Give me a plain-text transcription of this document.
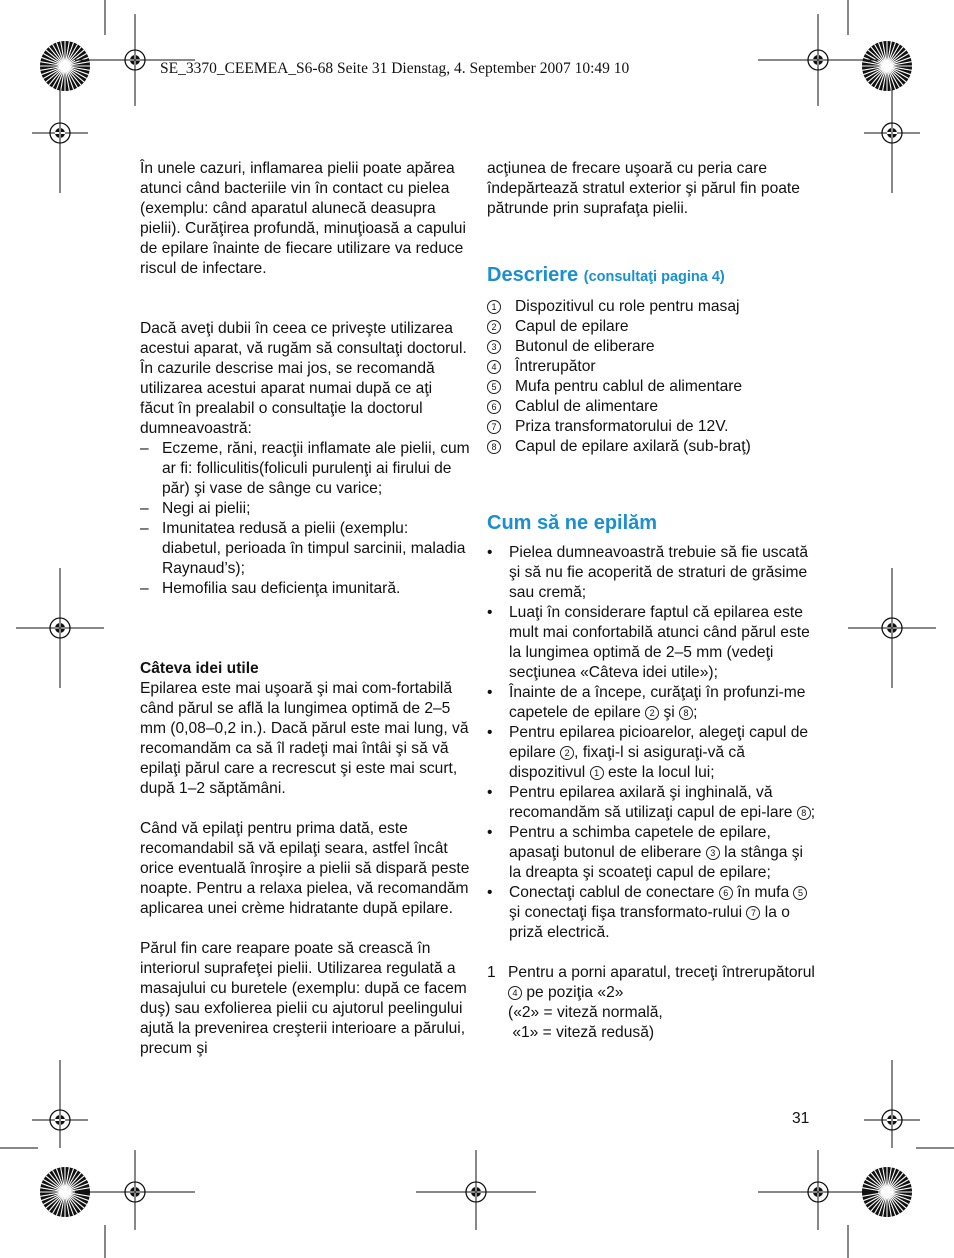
SE_3370_CEEMEA_S6-68 Seite 31 Dienstag, 4. September 2007 10:49 10

În unele cazuri, inflamarea pielii poate apărea atunci când bacteriile vin în contact cu pielea (exemplu: când aparatul alunecă deasupra pielii). Curăţirea profundă, minuţioasă a capului de epilare înainte de fiecare utilizare va reduce riscul de infectare.

Dacă aveţi dubii în ceea ce priveşte utilizarea acestui aparat, vă rugăm să consultaţi doctorul. În cazurile descrise mai jos, se recomandă utilizarea acestui aparat numai după ce aţi făcut în prealabil o consultaţie la doctorul dumneavoastră:

– Eczeme, răni, reacţii inflamate ale pielii, cum ar fi: folliculitis(foliculi purulenţi ai firului de păr) şi vase de sânge cu varice;
– Negi ai pielii;
– Imunitatea redusă a pielii (exemplu: diabetul, perioada în timpul sarcinii, maladia Raynaud’s);
– Hemofilia sau deficienţa imunitară.

Câteva idei utile

Epilarea este mai uşoară şi mai com-fortabilă când părul se află la lungimea optimă de 2–5 mm (0,08–0,2 in.). Dacă părul este mai lung, vă recomandăm ca să îl radeţi mai întâi şi să vă epilaţi părul care a recrescut şi este mai scurt, după 1–2 săptămâni.

Când vă epilaţi pentru prima dată, este recomandabil să vă epilaţi seara, astfel încât orice eventuală înroşire a pielii să dispară peste noapte. Pentru a relaxa pielea, vă recomandăm aplicarea unei crème hidratante după epilare.

Părul fin care reapare poate să crească în interiorul suprafeţei pielii. Utilizarea regulată a masajului cu buretele (exemplu: după ce facem duş) sau exfolierea pielii cu ajutorul peelingului ajută la prevenirea creşterii interioare a părului, precum şi

acţiunea de frecare uşoară cu peria care îndepărtează stratul exterior şi părul fin poate pătrunde prin suprafaţa pielii.

Descriere (consultaţi pagina 4)
1 Dispozitivul cu role pentru masaj
2 Capul de epilare
3 Butonul de eliberare
4 Întrerupător
5 Mufa pentru cablul de alimentare
6 Cablul de alimentare
7 Priza transformatorului de 12V.
8 Capul de epilare axilară (sub-braţ)
Cum să ne epilăm
• Pielea dumneavoastră trebuie să fie uscată şi să nu fie acoperită de straturi de grăsime sau cremă;
• Luaţi în considerare faptul că epilarea este mult mai confortabilă atunci când părul este la lungimea optimă de 2–5 mm (vedeţi secţiunea «Câteva idei utile»);
• Înainte de a începe, curăţaţi în profunzi-me capetele de epilare 2 şi 8 ;
• Pentru epilarea picioarelor, alegeţi capul de epilare 2 , fixaţi-l si asiguraţi-vă că dispozitivul 1 este la locul lui;
• Pentru epilarea axilară şi inghinală, vă recomandăm să utilizaţi capul de epi-lare 8 ;
• Pentru a schimba capetele de epilare, apasaţi butonul de eliberare 3 la stânga şi la dreapta şi scoateţi capul de epilare;
• Conectaţi cablul de conectare 6 în mufa 5 şi conectaţi fişa transformato-rului 7 la o priză electrică.
1 Pentru a porni aparatul, treceţi întrerupătorul 4 pe poziţia «2»
(«2» = viteză normală,
«1» = viteză redusă)
31
